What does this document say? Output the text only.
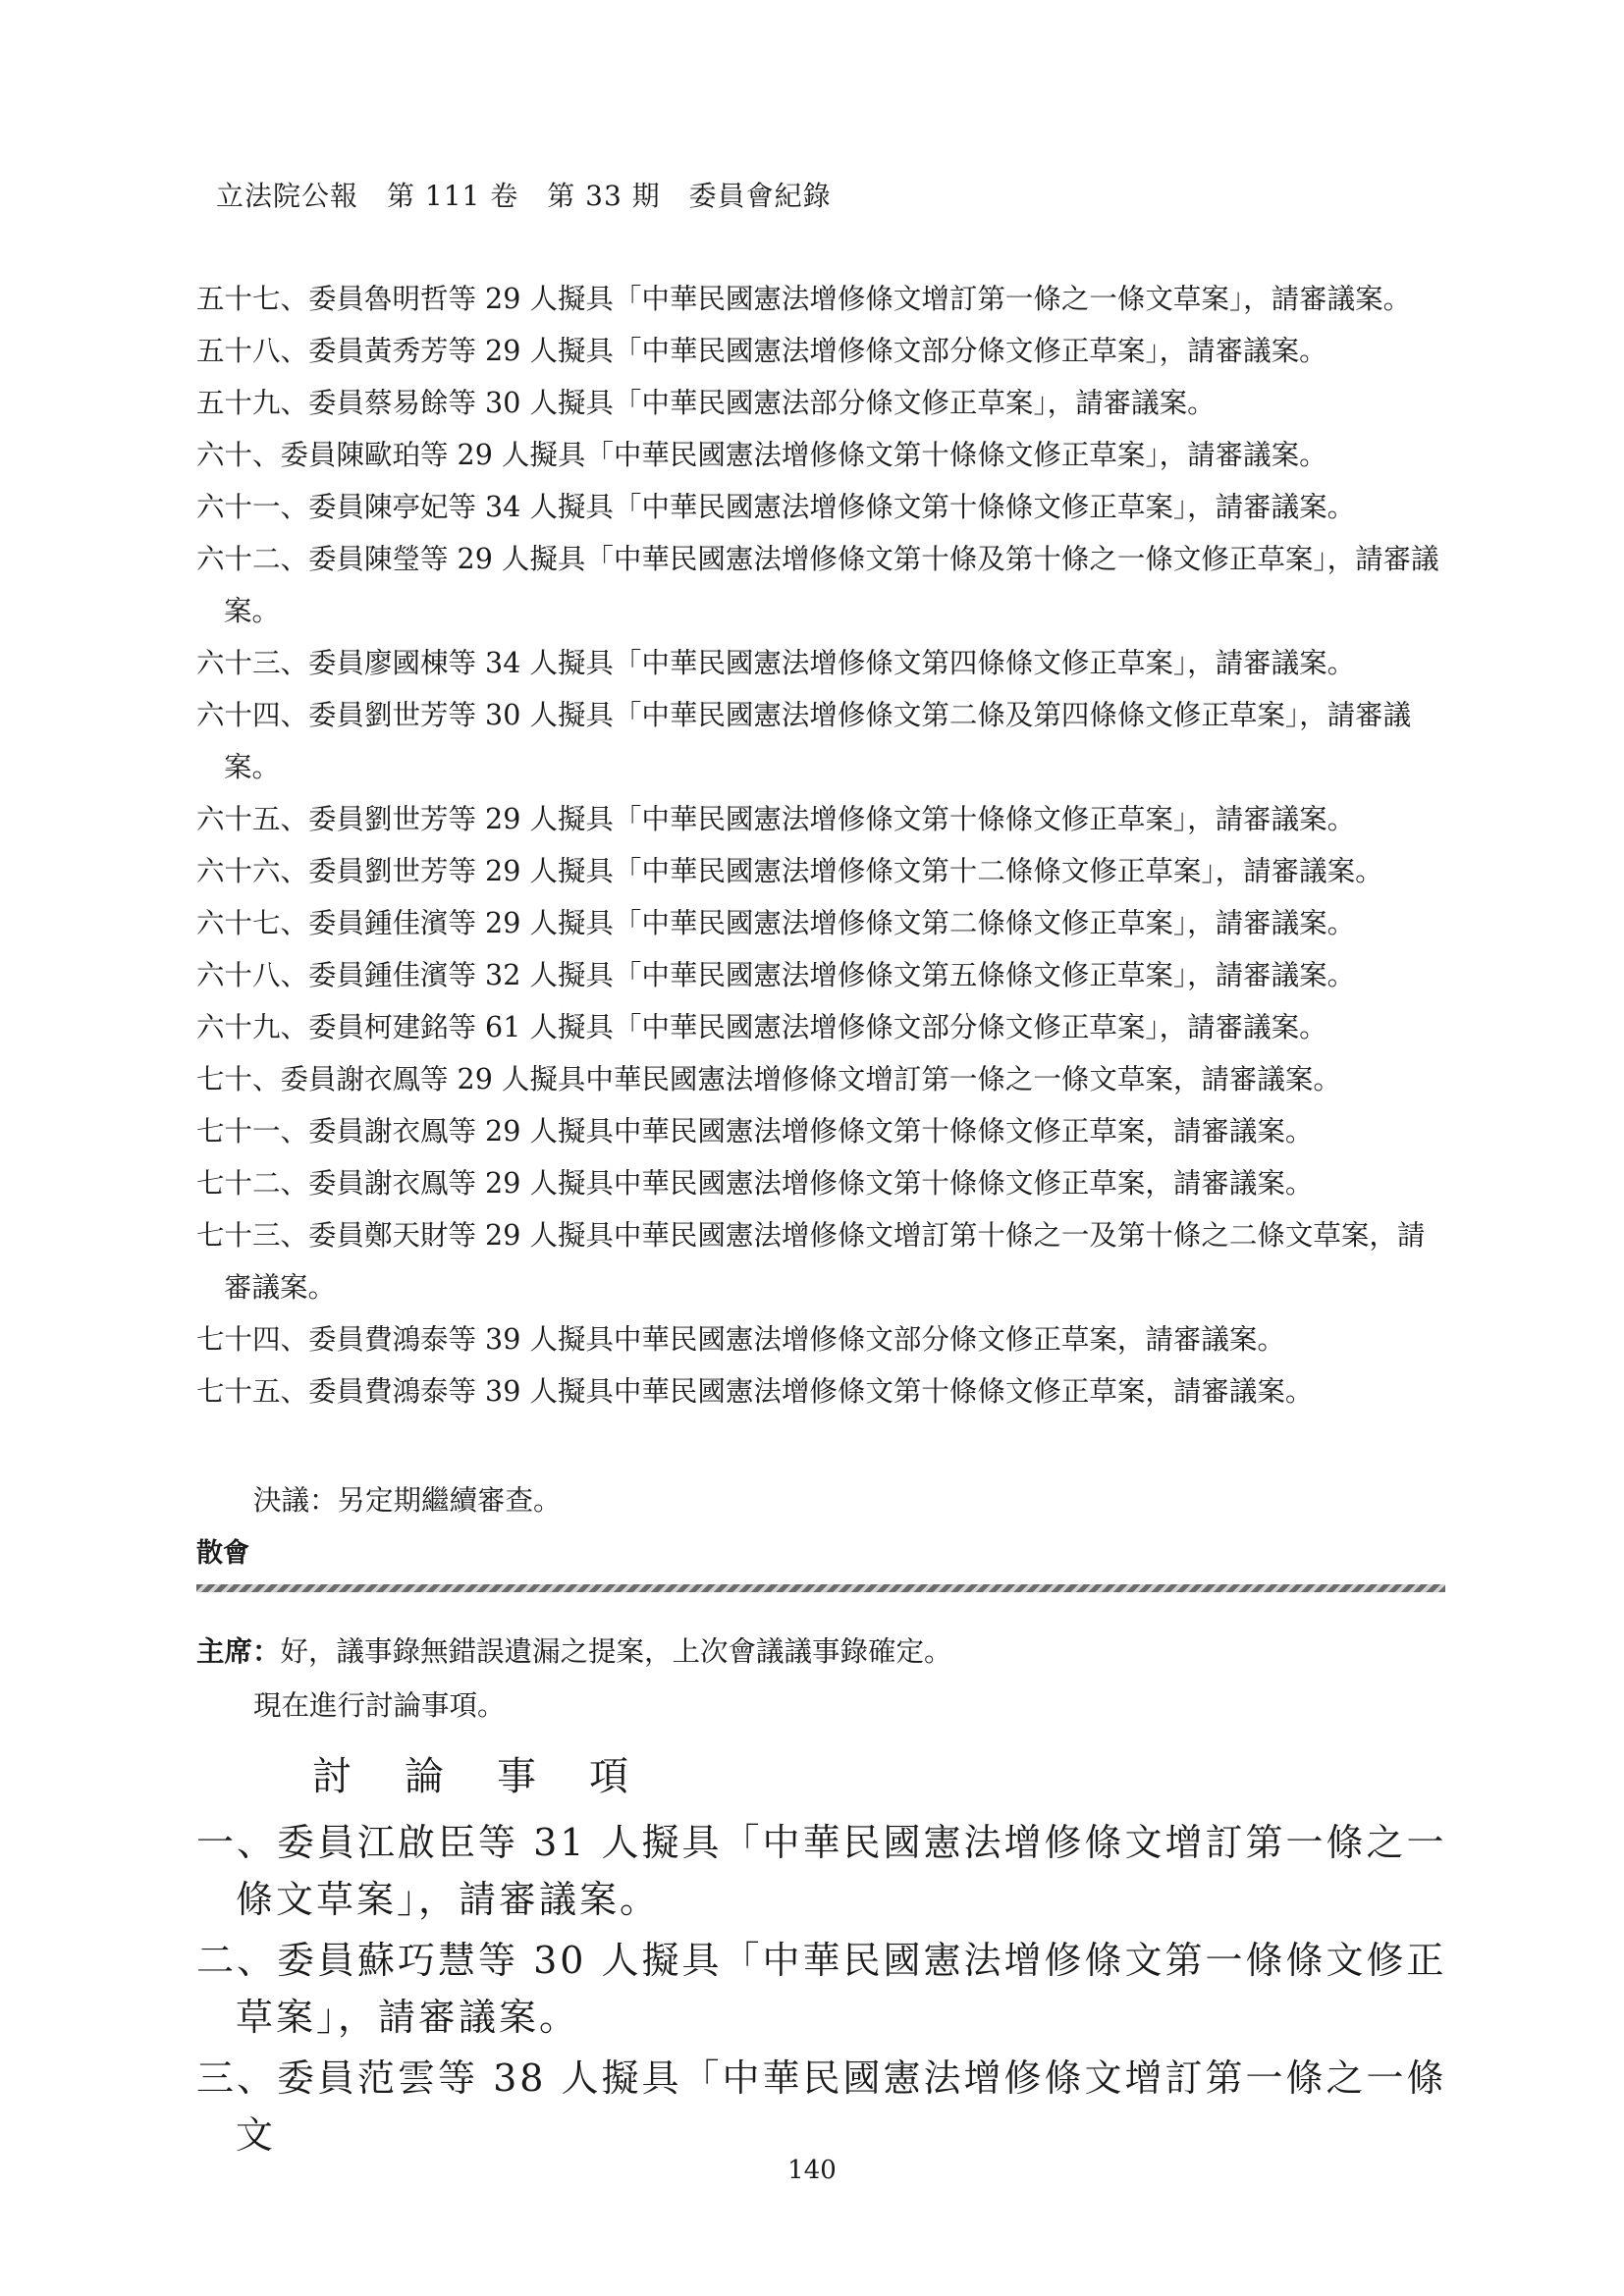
立法院公報　第 111 卷　第 33 期　委員會紀錄
五十七、委員魯明哲等 29 人擬具「中華民國憲法增修條文增訂第一條之一條文草案」，請審議案。
五十八、委員黃秀芳等 29 人擬具「中華民國憲法增修條文部分條文修正草案」，請審議案。
五十九、委員蔡易餘等 30 人擬具「中華民國憲法部分條文修正草案」，請審議案。
六十、委員陳歐珀等 29 人擬具「中華民國憲法增修條文第十條條文修正草案」，請審議案。
六十一、委員陳亭妃等 34 人擬具「中華民國憲法增修條文第十條條文修正草案」，請審議案。
六十二、委員陳瑩等 29 人擬具「中華民國憲法增修條文第十條及第十條之一條文修正草案」，請審議案。
六十三、委員廖國棟等 34 人擬具「中華民國憲法增修條文第四條條文修正草案」，請審議案。
六十四、委員劉世芳等 30 人擬具「中華民國憲法增修條文第二條及第四條條文修正草案」，請審議案。
六十五、委員劉世芳等 29 人擬具「中華民國憲法增修條文第十條條文修正草案」，請審議案。
六十六、委員劉世芳等 29 人擬具「中華民國憲法增修條文第十二條條文修正草案」，請審議案。
六十七、委員鍾佳濱等 29 人擬具「中華民國憲法增修條文第二條條文修正草案」，請審議案。
六十八、委員鍾佳濱等 32 人擬具「中華民國憲法增修條文第五條條文修正草案」，請審議案。
六十九、委員柯建銘等 61 人擬具「中華民國憲法增修條文部分條文修正草案」，請審議案。
七十、委員謝衣鳯等 29 人擬具中華民國憲法增修條文增訂第一條之一條文草案，請審議案。
七十一、委員謝衣鳯等 29 人擬具中華民國憲法增修條文第十條條文修正草案，請審議案。
七十二、委員謝衣鳯等 29 人擬具中華民國憲法增修條文第十條條文修正草案，請審議案。
七十三、委員鄭天財等 29 人擬具中華民國憲法增修條文增訂第十條之一及第十條之二條文草案，請審議案。
七十四、委員費鴻泰等 39 人擬具中華民國憲法增修條文部分條文修正草案，請審議案。
七十五、委員費鴻泰等 39 人擬具中華民國憲法增修條文第十條條文修正草案，請審議案。
決議：另定期繼續審查。
散會
主席：好，議事錄無錯誤遺漏之提案，上次會議議事錄確定。
現在進行討論事項。
討 論 事 項
一、委員江啟臣等 31 人擬具「中華民國憲法增修條文增訂第一條之一條文草案」，請審議案。
二、委員蘇巧慧等 30 人擬具「中華民國憲法增修條文第一條條文修正草案」，請審議案。
三、委員范雲等 38 人擬具「中華民國憲法增修條文增訂第一條之一條文
140
